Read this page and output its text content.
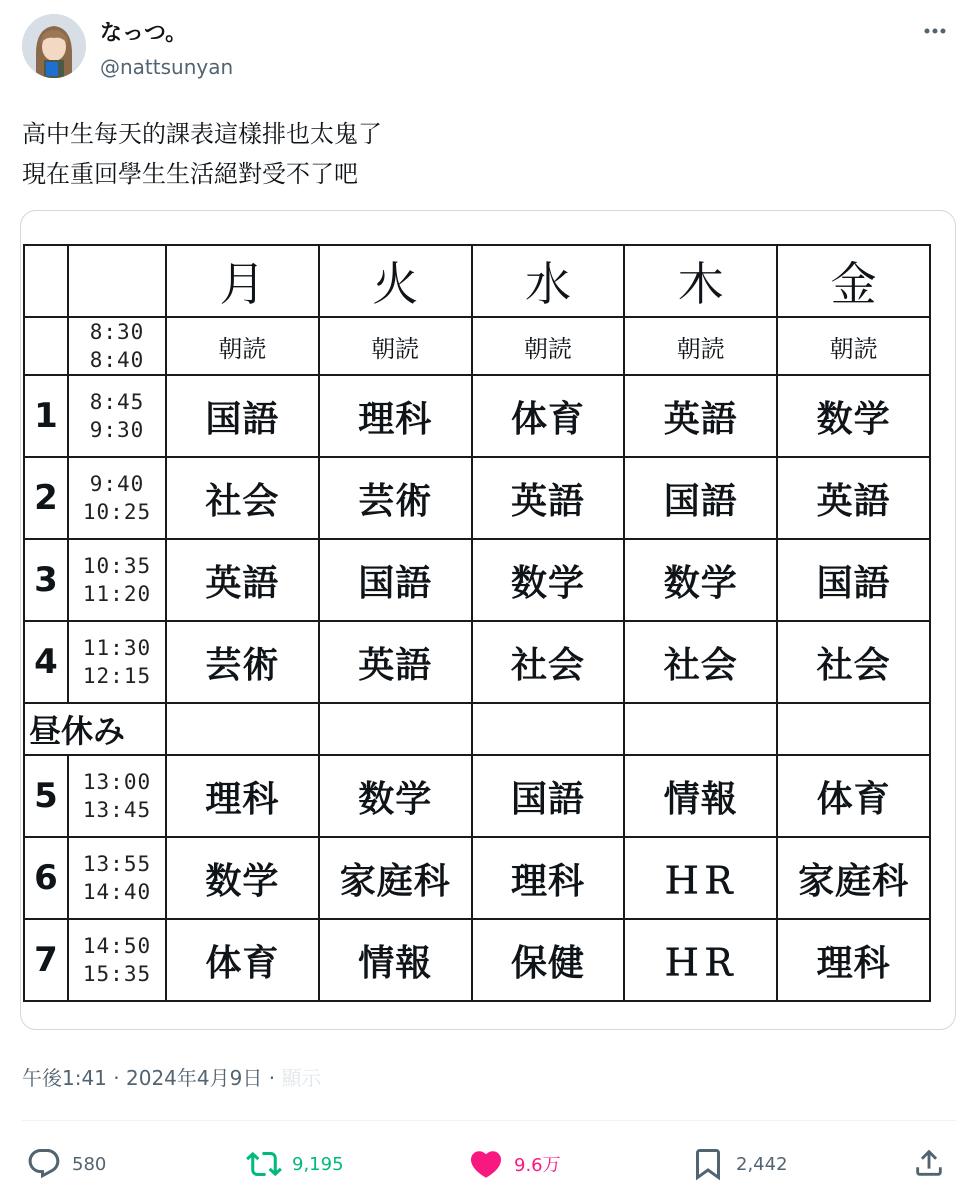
なっつ。
@nattsunyan
高中生每天的課表這樣排也太鬼了
現在重回學生生活絕對受不了吧
		月	火	水	木	金

	8:30
8:40	朝読	朝読	朝読	朝読	朝読
1	8:45
9:30	国語	理科	体育	英語	数学
2	9:40
10:25	社会	芸術	英語	国語	英語
3	10:35
11:20	英語	国語	数学	数学	国語
4	11:30
12:15	芸術	英語	社会	社会	社会
昼休み						
5	13:00
13:45	理科	数学	国語	情報	体育
6	13:55
14:40	数学	家庭科	理科	ＨＲ	家庭科
7	14:50
15:35	体育	情報	保健	ＨＲ	理科
午後1:41 · 2024年4月9日 · 顯示
580	9,195	9.6万	2,442
